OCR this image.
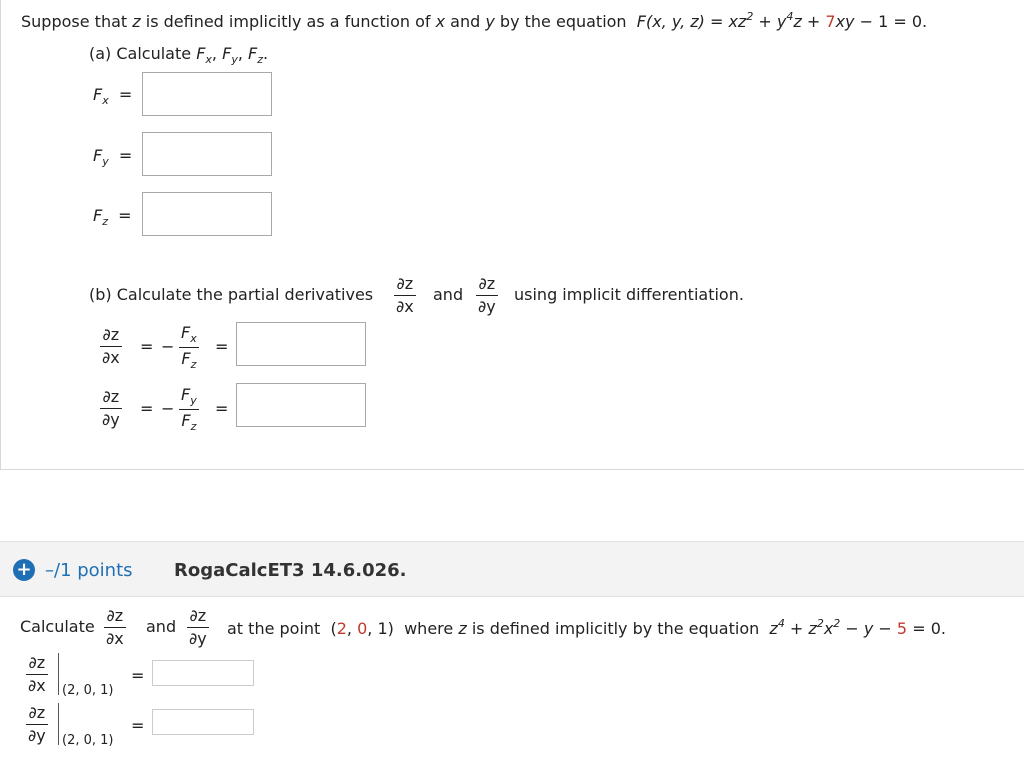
Suppose that z is defined implicitly as a function of x and y by the equation F(x, y, $z) = xz^2 + y^4z + 7xy - 1 = 0$.
(a) Calculate $F_x$, $F_y$, $F_z$.
$F_x$ =
$F_y$ =
$F_z$ =
(b) Calculate the partial derivatives
∂z
∂x
and
∂z
∂y
using implicit differentiation.
∂z
∂x
= −
$F_x$
$F_z$
=
∂z
∂y
= −
$F_y$
$F_z$
=
+ –/1 points RogaCalcET3 14.6.026.
Calculate
∂z
∂x
and
∂z
∂y
at the point (2, 0, 1) where z is defined implicitly by the equation $z^4 + z^2x^2 - y - 5 = 0$.
∂z
∂x (2, 0, 1)
=
∂z
∂y (2, 0, 1)
=
